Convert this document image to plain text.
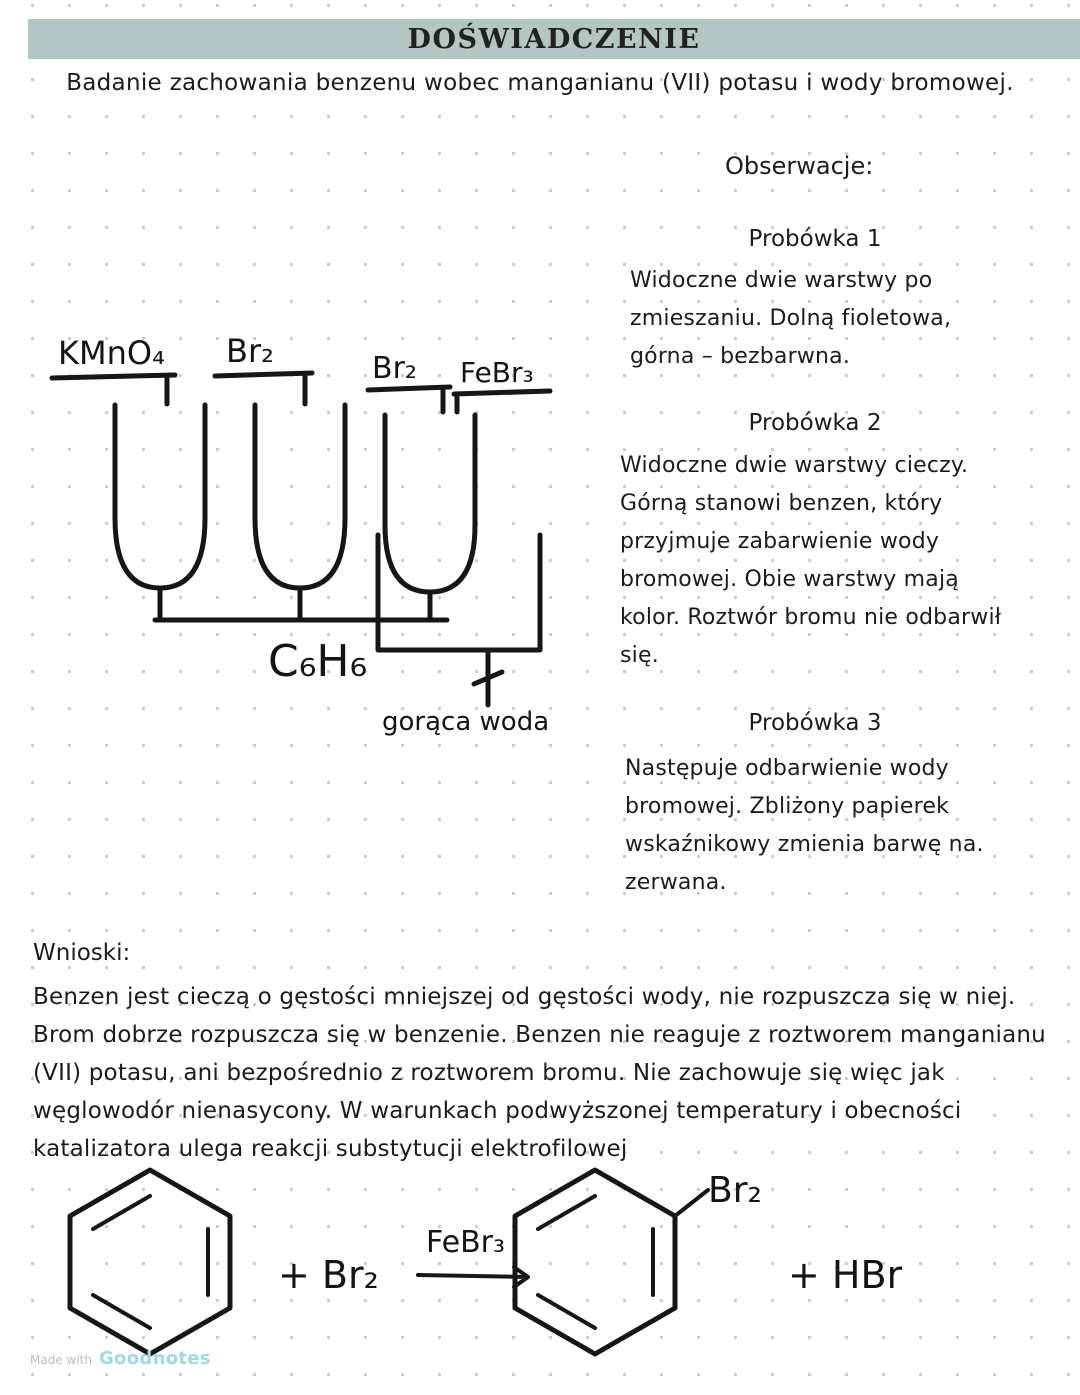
DOŚWIADCZENIE
Badanie zachowania benzenu wobec manganianu (VII) potasu i wody bromowej.
KMnO₄ Br₂	Br₂ FeBr₃
C₆H₆
gorąca woda
Obserwacje:
Probówka 1
Widoczne dwie warstwy po zmieszaniu. Dolną fioletowa, górna – bezbarwna.
Probówka 2
Widoczne dwie warstwy cieczy. Górną stanowi benzen, który przyjmuje zabarwienie wody bromowej. Obie warstwy mają kolor. Roztwór bromu nie odbarwił się.
Probówka 3
Następuje odbarwienie wody bromowej. Zbliżony papierek wskaźnikowy zmienia barwę na. zerwana.
Wnioski:
Benzen jest cieczą o gęstości mniejszej od gęstości wody, nie rozpuszcza się w niej. Brom dobrze rozpuszcza się w benzenie. Benzen nie reaguje z roztworem manganianu (VII) potasu, ani bezpośrednio z roztworem bromu. Nie zachowuje się więc jak węglowodór nienasycony. W warunkach podwyższonej temperatury i obecności katalizatora ulega reakcji substytucji elektrofilowej
+ Br₂
FeBr₃
Br₂
+ HBr
Made with Goodnotes
